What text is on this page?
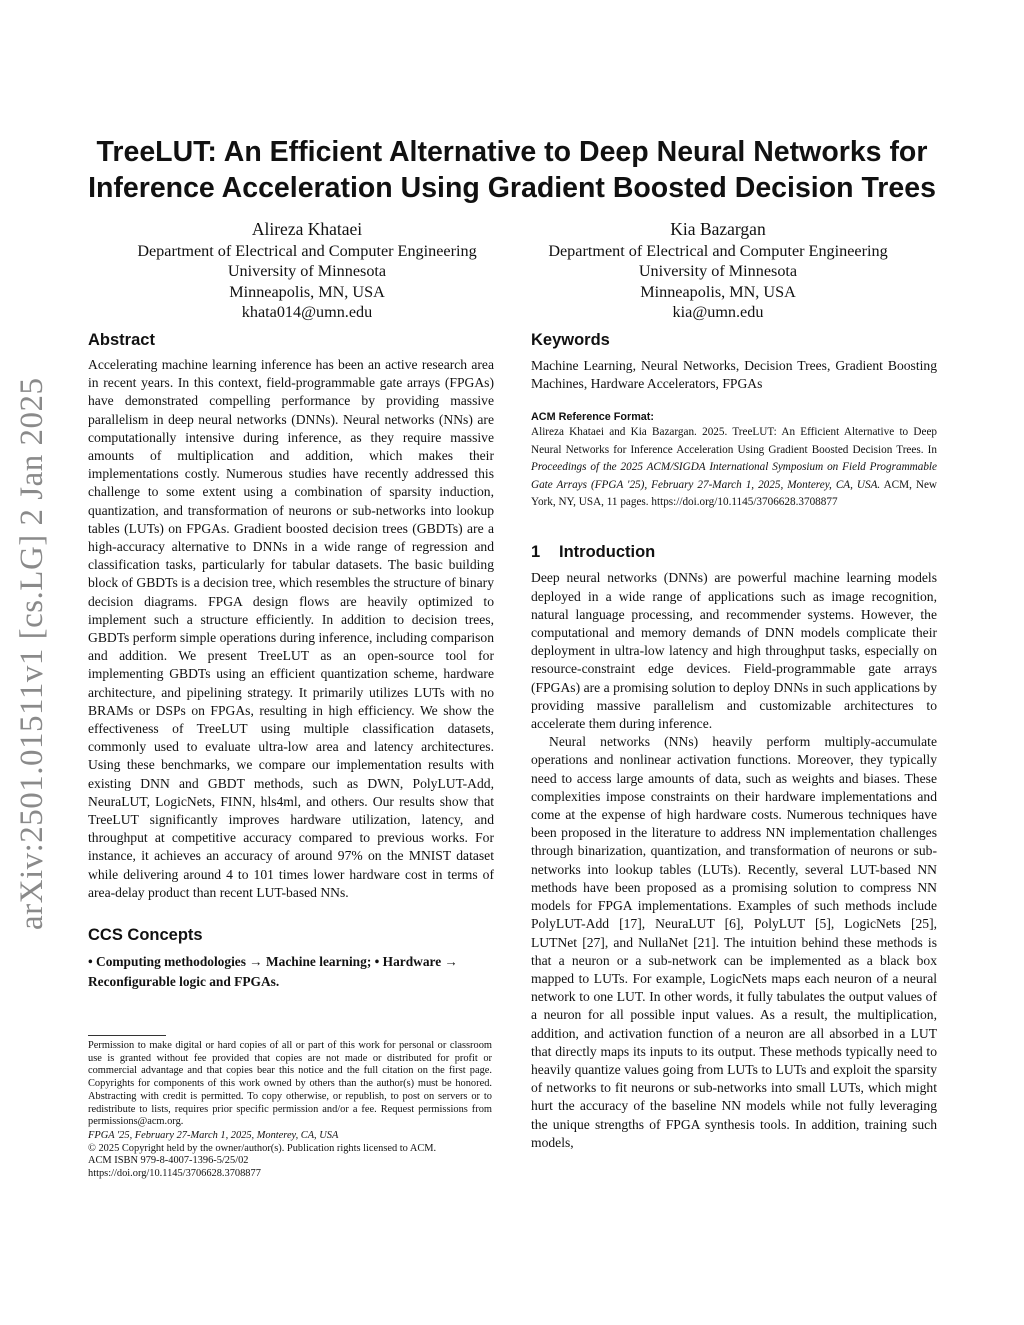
arXiv:2501.01511v1 [cs.LG] 2 Jan 2025
TreeLUT: An Efficient Alternative to Deep Neural Networks for Inference Acceleration Using Gradient Boosted Decision Trees
Alireza Khataei
Department of Electrical and Computer Engineering
University of Minnesota
Minneapolis, MN, USA
khata014@umn.edu
Kia Bazargan
Department of Electrical and Computer Engineering
University of Minnesota
Minneapolis, MN, USA
kia@umn.edu
Abstract

Accelerating machine learning inference has been an active research area in recent years. In this context, field-programmable gate arrays (FPGAs) have demonstrated compelling performance by providing massive parallelism in deep neural networks (DNNs). Neural networks (NNs) are computationally intensive during inference, as they require massive amounts of multiplication and addition, which makes their implementations costly. Numerous studies have recently addressed this challenge to some extent using a combination of sparsity induction, quantization, and transformation of neurons or sub-networks into lookup tables (LUTs) on FPGAs. Gradient boosted decision trees (GBDTs) are a high-accuracy alternative to DNNs in a wide range of regression and classification tasks, particularly for tabular datasets. The basic building block of GBDTs is a decision tree, which resembles the structure of binary decision diagrams. FPGA design flows are heavily optimized to implement such a structure efficiently. In addition to decision trees, GBDTs perform simple operations during inference, including comparison and addition. We present TreeLUT as an open-source tool for implementing GBDTs using an efficient quantization scheme, hardware architecture, and pipelining strategy. It primarily utilizes LUTs with no BRAMs or DSPs on FPGAs, resulting in high efficiency. We show the effectiveness of TreeLUT using multiple classification datasets, commonly used to evaluate ultra-low area and latency architectures. Using these benchmarks, we compare our implementation results with existing DNN and GBDT methods, such as DWN, PolyLUT-Add, NeuraLUT, LogicNets, FINN, hls4ml, and others. Our results show that TreeLUT significantly improves hardware utilization, latency, and throughput at competitive accuracy compared to previous works. For instance, it achieves an accuracy of around 97% on the MNIST dataset while delivering around 4 to 101 times lower hardware cost in terms of area-delay product than recent LUT-based NNs.

CCS Concepts

• Computing methodologies → Machine learning; • Hardware → Reconfigurable logic and FPGAs.

Permission to make digital or hard copies of all or part of this work for personal or classroom use is granted without fee provided that copies are not made or distributed for profit or commercial advantage and that copies bear this notice and the full citation on the first page. Copyrights for components of this work owned by others than the author(s) must be honored. Abstracting with credit is permitted. To copy otherwise, or republish, to post on servers or to redistribute to lists, requires prior specific permission and/or a fee. Request permissions from permissions@acm.org.

FPGA '25, February 27-March 1, 2025, Monterey, CA, USA

© 2025 Copyright held by the owner/author(s). Publication rights licensed to ACM.

ACM ISBN 979-8-4007-1396-5/25/02

https://doi.org/10.1145/3706628.3708877

Keywords

Machine Learning, Neural Networks, Decision Trees, Gradient Boosting Machines, Hardware Accelerators, FPGAs

ACM Reference Format:

Alireza Khataei and Kia Bazargan. 2025. TreeLUT: An Efficient Alternative to Deep Neural Networks for Inference Acceleration Using Gradient Boosted Decision Trees. In Proceedings of the 2025 ACM/SIGDA International Symposium on Field Programmable Gate Arrays (FPGA '25), February 27-March 1, 2025, Monterey, CA, USA. ACM, New York, NY, USA, 11 pages. https://doi.org/10.1145/3706628.3708877

1 Introduction

Deep neural networks (DNNs) are powerful machine learning models deployed in a wide range of applications such as image recognition, natural language processing, and recommender systems. However, the computational and memory demands of DNN models complicate their deployment in ultra-low latency and high throughput tasks, especially on resource-constraint edge devices. Field-programmable gate arrays (FPGAs) are a promising solution to deploy DNNs in such applications by providing massive parallelism and customizable architectures to accelerate them during inference.

Neural networks (NNs) heavily perform multiply-accumulate operations and nonlinear activation functions. Moreover, they typically need to access large amounts of data, such as weights and biases. These complexities impose constraints on their hardware implementations and come at the expense of high hardware costs. Numerous techniques have been proposed in the literature to address NN implementation challenges through binarization, quantization, and transformation of neurons or sub-networks into lookup tables (LUTs). Recently, several LUT-based NN methods have been proposed as a promising solution to compress NN models for FPGA implementations. Examples of such methods include PolyLUT-Add [17], NeuraLUT [6], PolyLUT [5], LogicNets [25], LUTNet [27], and NullaNet [21]. The intuition behind these methods is that a neuron or a sub-network can be implemented as a black box mapped to LUTs. For example, LogicNets maps each neuron of a neural network to one LUT. In other words, it fully tabulates the output values of a neuron for all possible input values. As a result, the multiplication, addition, and activation function of a neuron are all absorbed in a LUT that directly maps its inputs to its output. These methods typically need to heavily quantize values going from LUTs to LUTs and exploit the sparsity of networks to fit neurons or sub-networks into small LUTs, which might hurt the accuracy of the baseline NN models while not fully leveraging the unique strengths of FPGA synthesis tools. In addition, training such models,
